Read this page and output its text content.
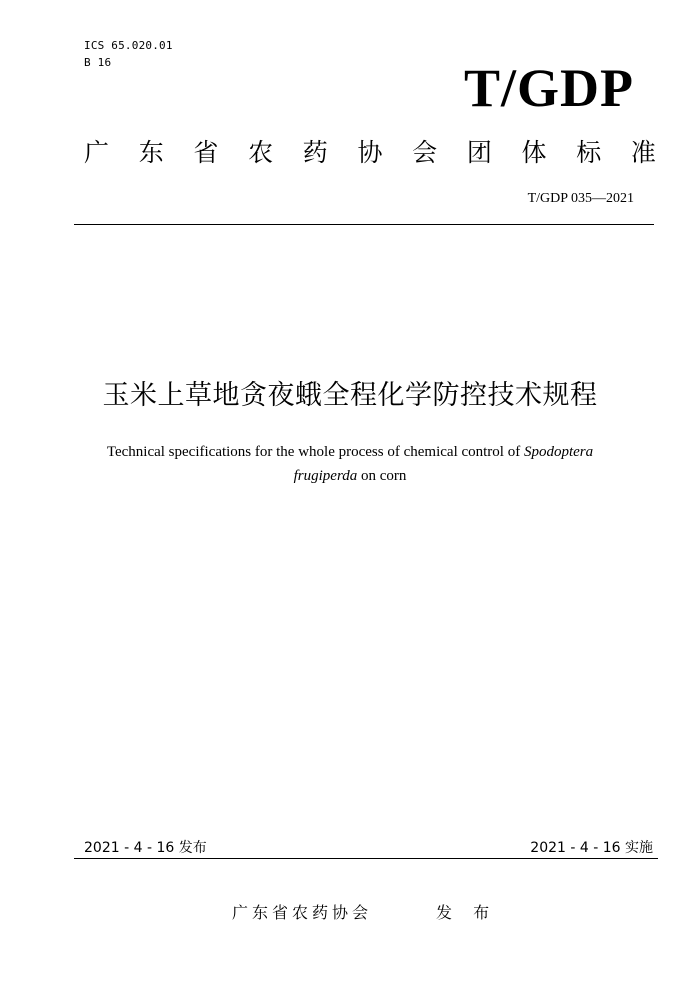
ICS 65.020.01
B 16	T/GDP
广 东 省 农 药 协 会 团 体 标 准
T/GDP 035—2021
玉米上草地贪夜蛾全程化学防控技术规程
Technical specifications for the whole process of chemical control of Spodoptera
frugiperda on corn
2021 - 4 - 16 发布	2021 - 4 - 16 实施
广东省农药协会	发 布
